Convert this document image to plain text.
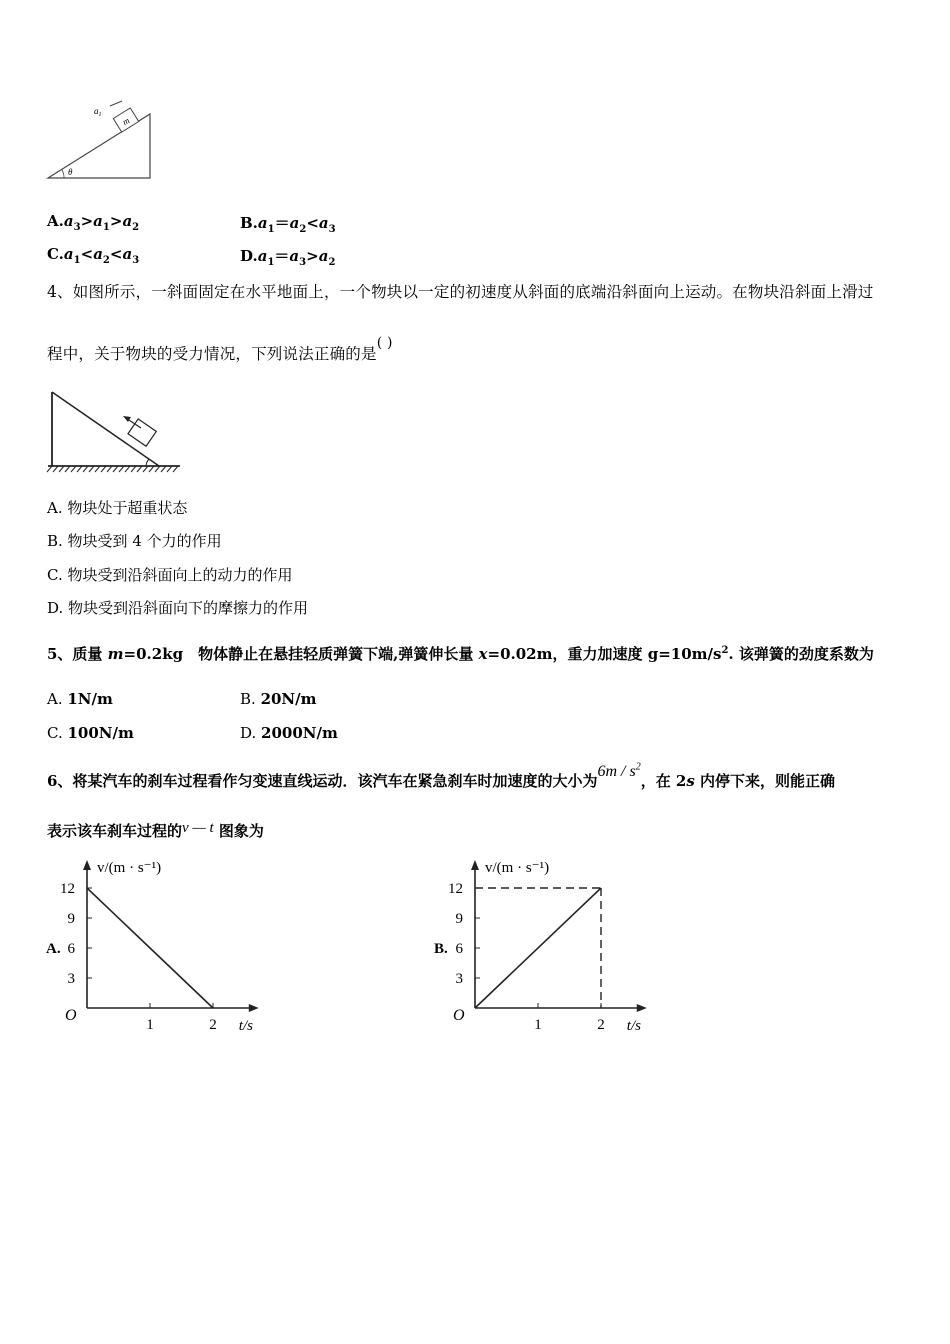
m
$a_1$
θ
$A.a_3>a_1>a_2$	$B.a_1=a_2<a_3$
$C.a_1<a_2<a_3$	$D.a_1=a_3>a_2$
4、如图所示，一斜面固定在水平地面上，一个物块以一定的初速度从斜面的底端沿斜面向上运动。在物块沿斜面上滑过
程中，关于物块的受力情况，下列说法正确的是( )
A. 物块处于超重状态
B. 物块受到 4 个力的作用
C. 物块受到沿斜面向上的动力的作用
D. 物块受到沿斜面向下的摩擦力的作用
5、质量 m=0.2kg　物体静止在悬挂轻质弹簧下端,弹簧伸长量 x=0.02m，重力加速度 $g=10m/s^2$. 该弹簧的劲度系数为
A. 1N/m	B. 20N/m
C. 100N/m	D. 2000N/m
6、将某汽车的刹车过程看作匀变速直线运动．该汽车在紧急刹车时加速度的大小为$6m / s^2$，在 2s 内停下来，则能正确
表示该车刹车过程的v — t 图象为
3
6
9
12
1	2
O
v/(m · s⁻¹)
t/s
A.
3
6
9
12
1	2
O
v/(m · s⁻¹)
t/s
B.
